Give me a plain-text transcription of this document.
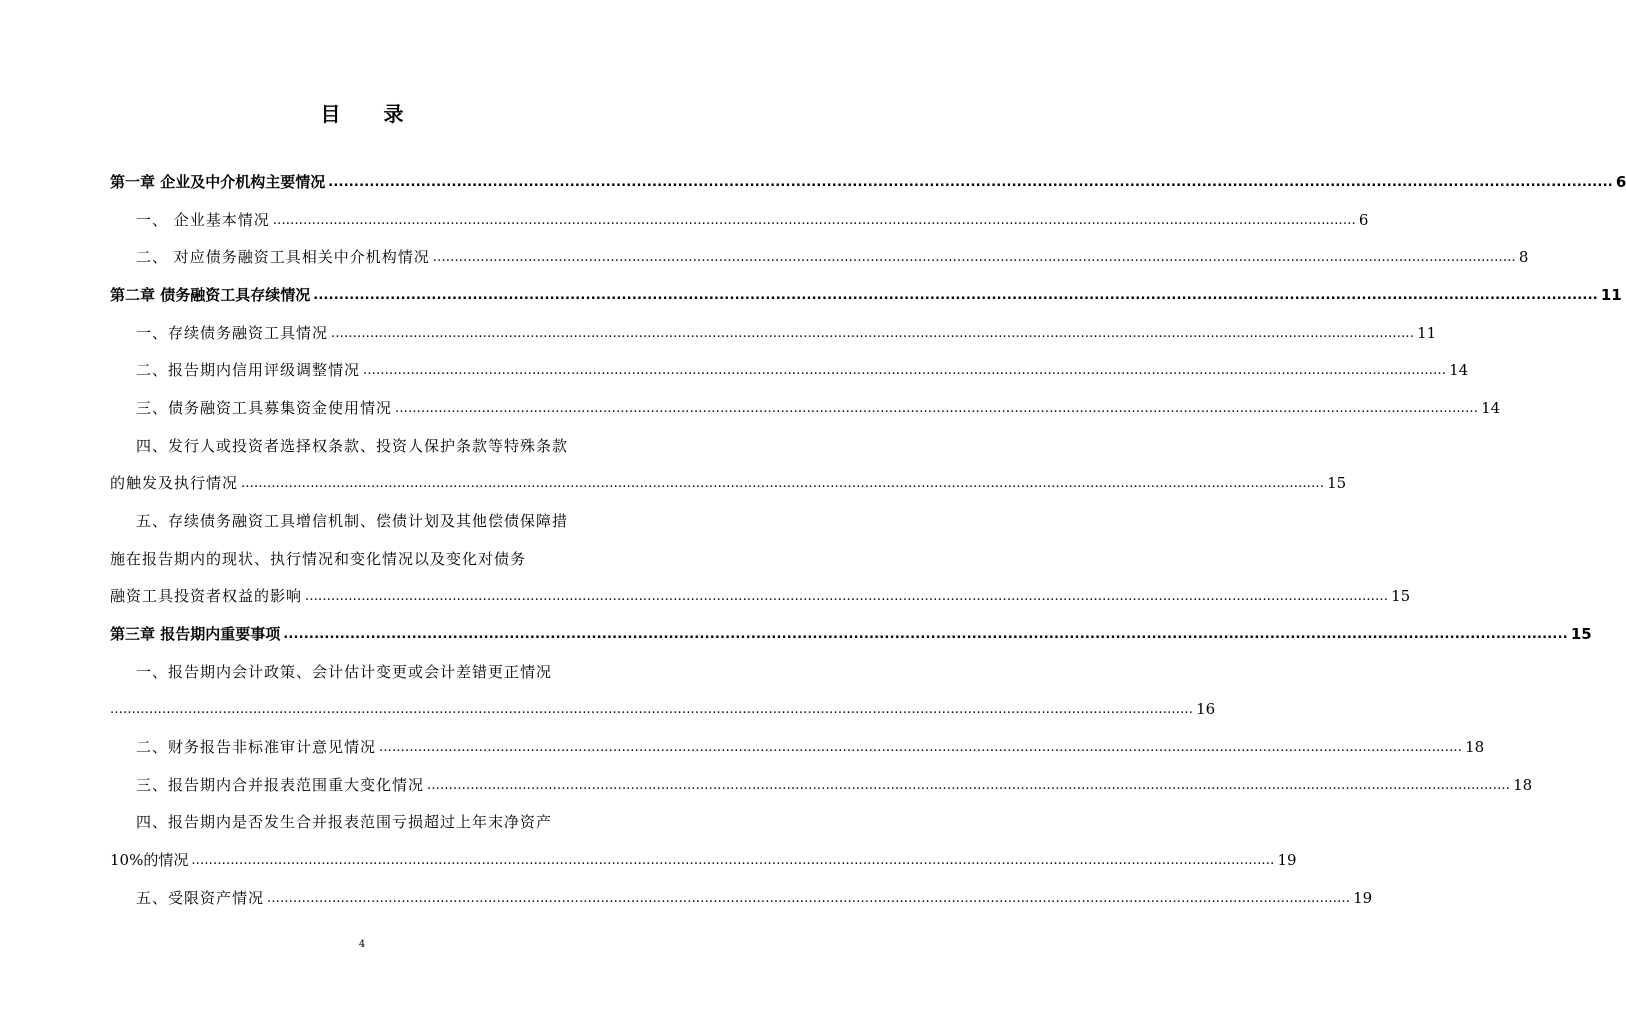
目 录
第一章 企业及中介机构主要情况 .......................................................................................................................................................................................................................................................... 6
一、 企业基本情况 .......................................................................................................................................................................................................................................................... 6
二、 对应债务融资工具相关中介机构情况 .......................................................................................................................................................................................................................................................... 8
第二章 债务融资工具存续情况 .......................................................................................................................................................................................................................................................... 11
一、存续债务融资工具情况 .......................................................................................................................................................................................................................................................... 11
二、报告期内信用评级调整情况 .......................................................................................................................................................................................................................................................... 14
三、债务融资工具募集资金使用情况 .......................................................................................................................................................................................................................................................... 14
四、发行人或投资者选择权条款、投资人保护条款等特殊条款
的触发及执行情况 .......................................................................................................................................................................................................................................................... 15
五、存续债务融资工具增信机制、偿债计划及其他偿债保障措
施在报告期内的现状、执行情况和变化情况以及变化对债务
融资工具投资者权益的影响 .......................................................................................................................................................................................................................................................... 15
第三章 报告期内重要事项 .......................................................................................................................................................................................................................................................... 15
一、报告期内会计政策、会计估计变更或会计差错更正情况
.......................................................................................................................................................................................................................................................... 16
二、财务报告非标准审计意见情况 .......................................................................................................................................................................................................................................................... 18
三、报告期内合并报表范围重大变化情况 .......................................................................................................................................................................................................................................................... 18
四、报告期内是否发生合并报表范围亏损超过上年末净资产
10%的情况 .......................................................................................................................................................................................................................................................... 19
五、受限资产情况 .......................................................................................................................................................................................................................................................... 19
4
